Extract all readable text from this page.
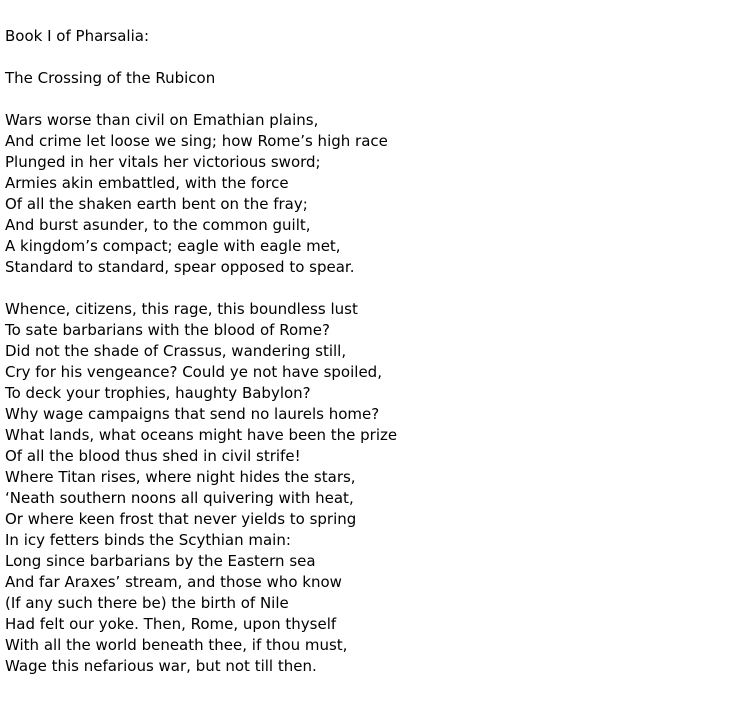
Book I of Pharsalia:
The Crossing of the Rubicon
Wars worse than civil on Emathian plains,
And crime let loose we sing; how Rome’s high race
Plunged in her vitals her victorious sword;
Armies akin embattled, with the force
Of all the shaken earth bent on the fray;
And burst asunder, to the common guilt,
A kingdom’s compact; eagle with eagle met,
Standard to standard, spear opposed to spear.
Whence, citizens, this rage, this boundless lust
To sate barbarians with the blood of Rome?
Did not the shade of Crassus, wandering still,
Cry for his vengeance? Could ye not have spoiled,
To deck your trophies, haughty Babylon?
Why wage campaigns that send no laurels home?
What lands, what oceans might have been the prize
Of all the blood thus shed in civil strife!
Where Titan rises, where night hides the stars,
‘Neath southern noons all quivering with heat,
Or where keen frost that never yields to spring
In icy fetters binds the Scythian main:
Long since barbarians by the Eastern sea
And far Araxes’ stream, and those who know
(If any such there be) the birth of Nile
Had felt our yoke. Then, Rome, upon thyself
With all the world beneath thee, if thou must,
Wage this nefarious war, but not till then.
